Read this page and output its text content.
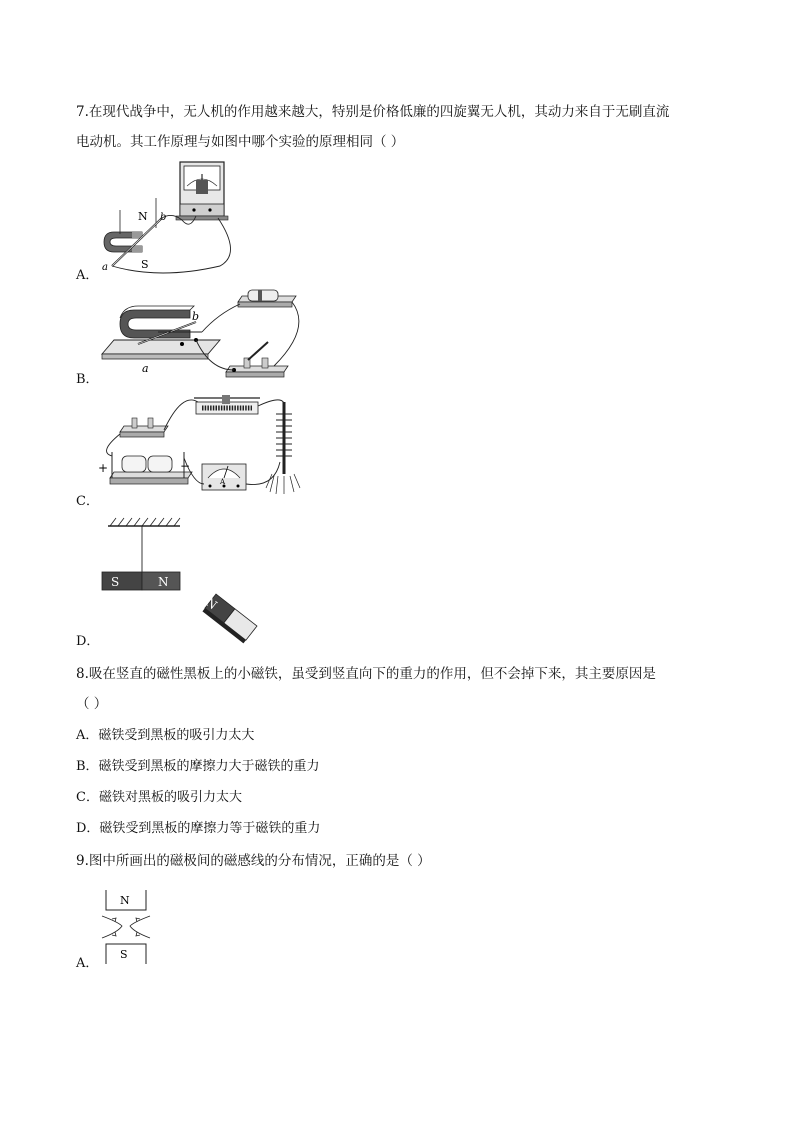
7.在现代战争中，无人机的作用越来越大，特别是价格低廉的四旋翼无人机，其动力来自于无刷直流
电动机。其工作原理与如图中哪个实验的原理相同（ ）
N
S
a
b
A．
b
a
B．
A
+	−
C．
S	N
N
D．
8.吸在竖直的磁性黑板上的小磁铁，虽受到竖直向下的重力的作用，但不会掉下来，其主要原因是
（ ）
A．磁铁受到黑板的吸引力太大
B．磁铁受到黑板的摩擦力大于磁铁的重力
C．磁铁对黑板的吸引力太大
D．磁铁受到黑板的摩擦力等于磁铁的重力
9.图中所画出的磁极间的磁感线的分布情况，正确的是（ ）
N
S
A．
